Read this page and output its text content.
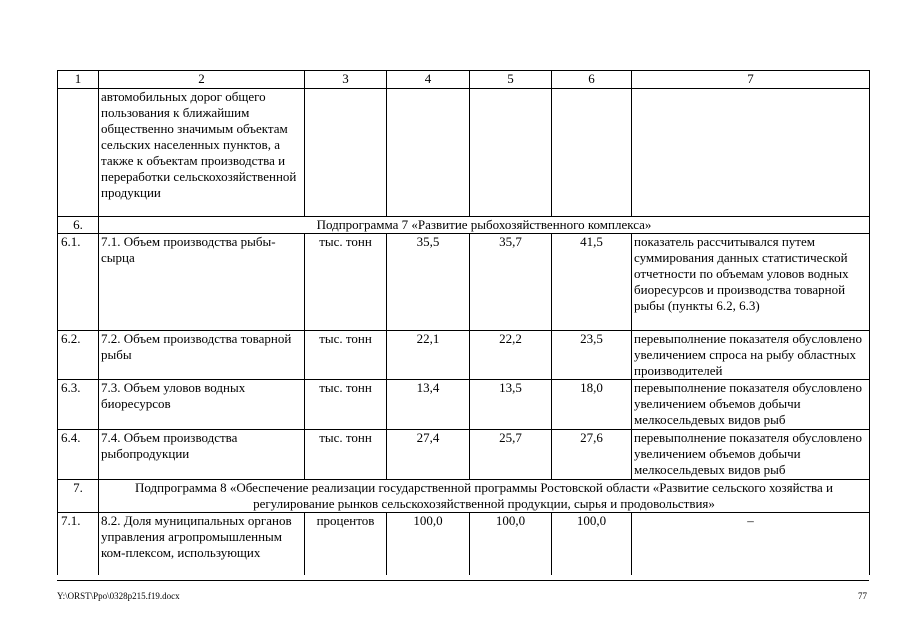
1	2	3	4	5	6	7
	автомобильных дорог общего пользования к ближайшим общественно значимым объектам сельских населенных пунктов, а также к объектам производства и переработки сельскохозяйственной продукции					
6.	Подпрограмма 7 «Развитие рыбохозяйственного комплекса»					
6.1.	7.1. Объем производства рыбы-сырца	тыс. тонн	35,5	35,7	41,5	показатель рассчитывался путем суммирования данных статистической отчетности по объемам уловов водных биоресурсов и производства товарной рыбы (пункты 6.2, 6.3)
6.2.	7.2. Объем производства товарной рыбы	тыс. тонн	22,1	22,2	23,5	перевыполнение показателя обусловлено увеличением спроса на рыбу областных производителей
6.3.	7.3. Объем уловов водных биоресурсов	тыс. тонн	13,4	13,5	18,0	перевыполнение показателя обусловлено увеличением объемов добычи мелкосельдевых видов рыб
6.4.	7.4. Объем производства рыбопродукции	тыс. тонн	27,4	25,7	27,6	перевыполнение показателя обусловлено увеличением объемов добычи мелкосельдевых видов рыб
7.	Подпрограмма 8 «Обеспечение реализации государственной программы Ростовской области «Развитие сельского хозяйства и регулирование рынков сельскохозяйственной продукции, сырья и продовольствия»					
7.1.	8.2. Доля муниципальных органов управления агропромышленным ком-плексом, использующих	процентов	100,0	100,0	100,0	–
Y:\ORST\Ppo\0328p215.f19.docx	77
